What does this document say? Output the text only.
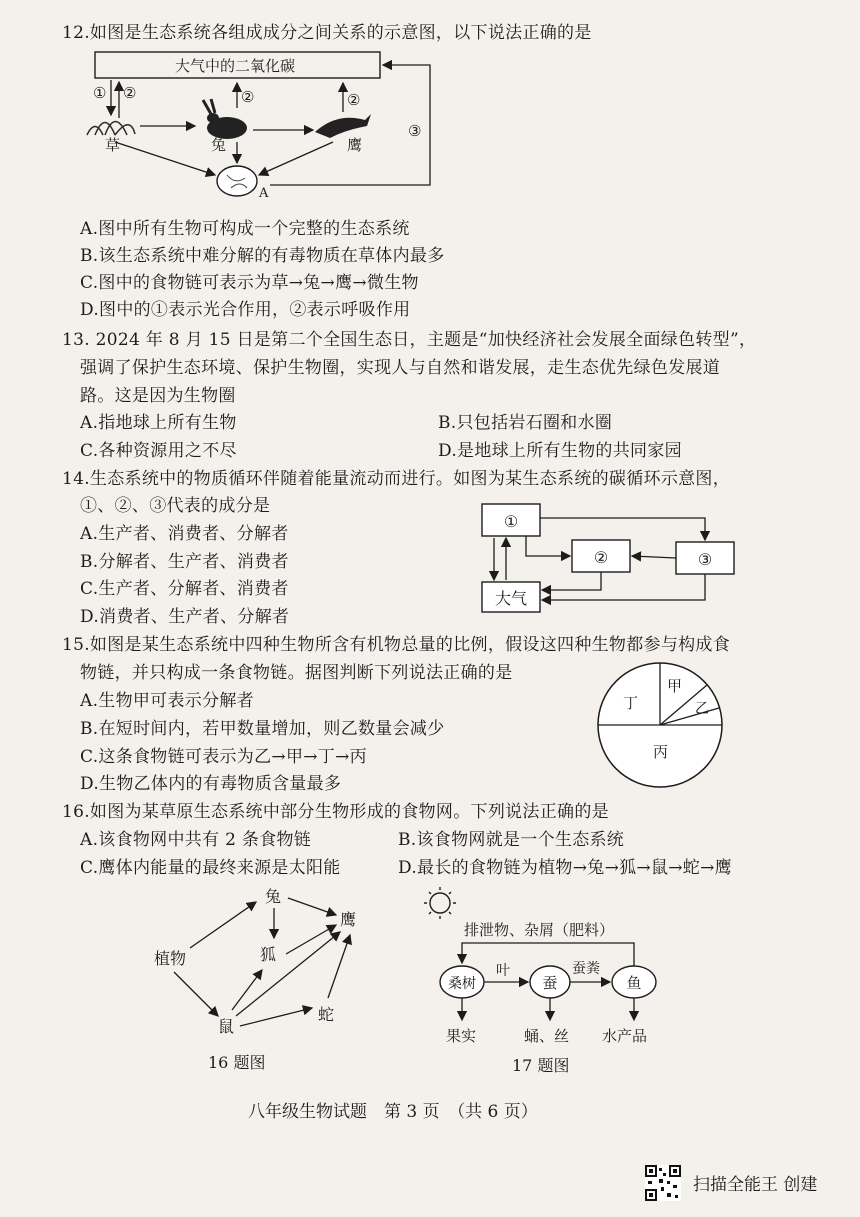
12.如图是生态系统各组成成分之间关系的示意图，以下说法正确的是
大气中的二氧化碳
① ②	②	②
③
草	兔	鹰
A
A.图中所有生物可构成一个完整的生态系统
B.该生态系统中难分解的有毒物质在草体内最多
C.图中的食物链可表示为草→兔→鹰→微生物
D.图中的①表示光合作用，②表示呼吸作用
13. 2024 年 8 月 15 日是第二个全国生态日，主题是“加快经济社会发展全面绿色转型”，
强调了保护生态环境、保护生物圈，实现人与自然和谐发展，走生态优先绿色发展道
路。这是因为生物圈
A.指地球上所有生物	B.只包括岩石圈和水圈
C.各种资源用之不尽	D.是地球上所有生物的共同家园
14.生态系统中的物质循环伴随着能量流动而进行。如图为某生态系统的碳循环示意图，
①、②、③代表的成分是
A.生产者、消费者、分解者
B.分解者、生产者、消费者
C.生产者、分解者、消费者
D.消费者、生产者、分解者
①
②	③
大气
15.如图是某生态系统中四种生物所含有机物总量的比例，假设这四种生物都参与构成食
物链，并只构成一条食物链。据图判断下列说法正确的是
A.生物甲可表示分解者
B.在短时间内，若甲数量增加，则乙数量会减少
C.这条食物链可表示为乙→甲→丁→丙
D.生物乙体内的有毒物质含量最多
甲
乙
丁
丙
16.如图为某草原生态系统中部分生物形成的食物网。下列说法正确的是
A.该食物网中共有 2 条食物链	B.该食物网就是一个生态系统
C.鹰体内能量的最终来源是太阳能	D.最长的食物链为植物→兔→狐→鼠→蛇→鹰
兔
鹰
狐
植物
蛇
鼠
16 题图
排泄物、杂屑（肥料）
桑树	蚕	鱼
叶	蚕粪
果实	蛹、丝 水产品
17 题图
八年级生物试题　第 3 页　（共 6 页）
扫描全能王 创建
